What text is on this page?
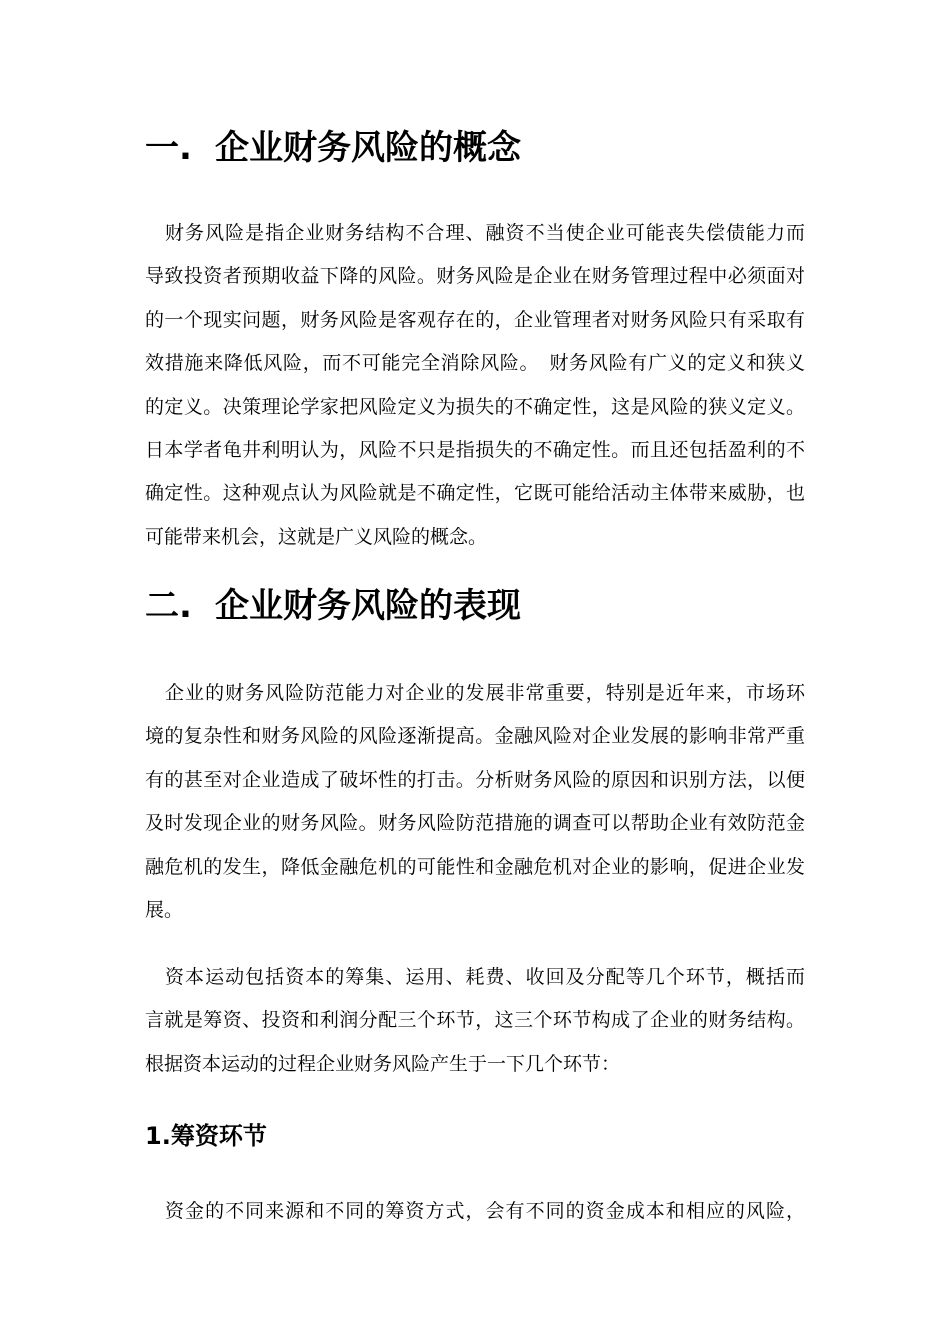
一. 企业财务风险的概念
　财务风险是指企业财务结构不合理、融资不当使企业可能丧失偿债能力而
导致投资者预期收益下降的风险。财务风险是企业在财务管理过程中必须面对
的一个现实问题，财务风险是客观存在的，企业管理者对财务风险只有采取有
效措施来降低风险，而不可能完全消除风险。　财务风险有广义的定义和狭义
的定义。决策理论学家把风险定义为损失的不确定性，这是风险的狭义定义。
日本学者龟井利明认为，风险不只是指损失的不确定性。而且还包括盈利的不
确定性。这种观点认为风险就是不确定性，它既可能给活动主体带来威胁，也
可能带来机会，这就是广义风险的概念。
二. 企业财务风险的表现
　企业的财务风险防范能力对企业的发展非常重要，特别是近年来，市场环
境的复杂性和财务风险的风险逐渐提高。金融风险对企业发展的影响非常严重
有的甚至对企业造成了破坏性的打击。分析财务风险的原因和识别方法，以便
及时发现企业的财务风险。财务风险防范措施的调查可以帮助企业有效防范金
融危机的发生，降低金融危机的可能性和金融危机对企业的影响，促进企业发
展。
　资本运动包括资本的筹集、运用、耗费、收回及分配等几个环节，概括而
言就是筹资、投资和利润分配三个环节，这三个环节构成了企业的财务结构。
根据资本运动的过程企业财务风险产生于一下几个环节：
1.筹资环节
　资金的不同来源和不同的筹资方式，会有不同的资金成本和相应的风险，
